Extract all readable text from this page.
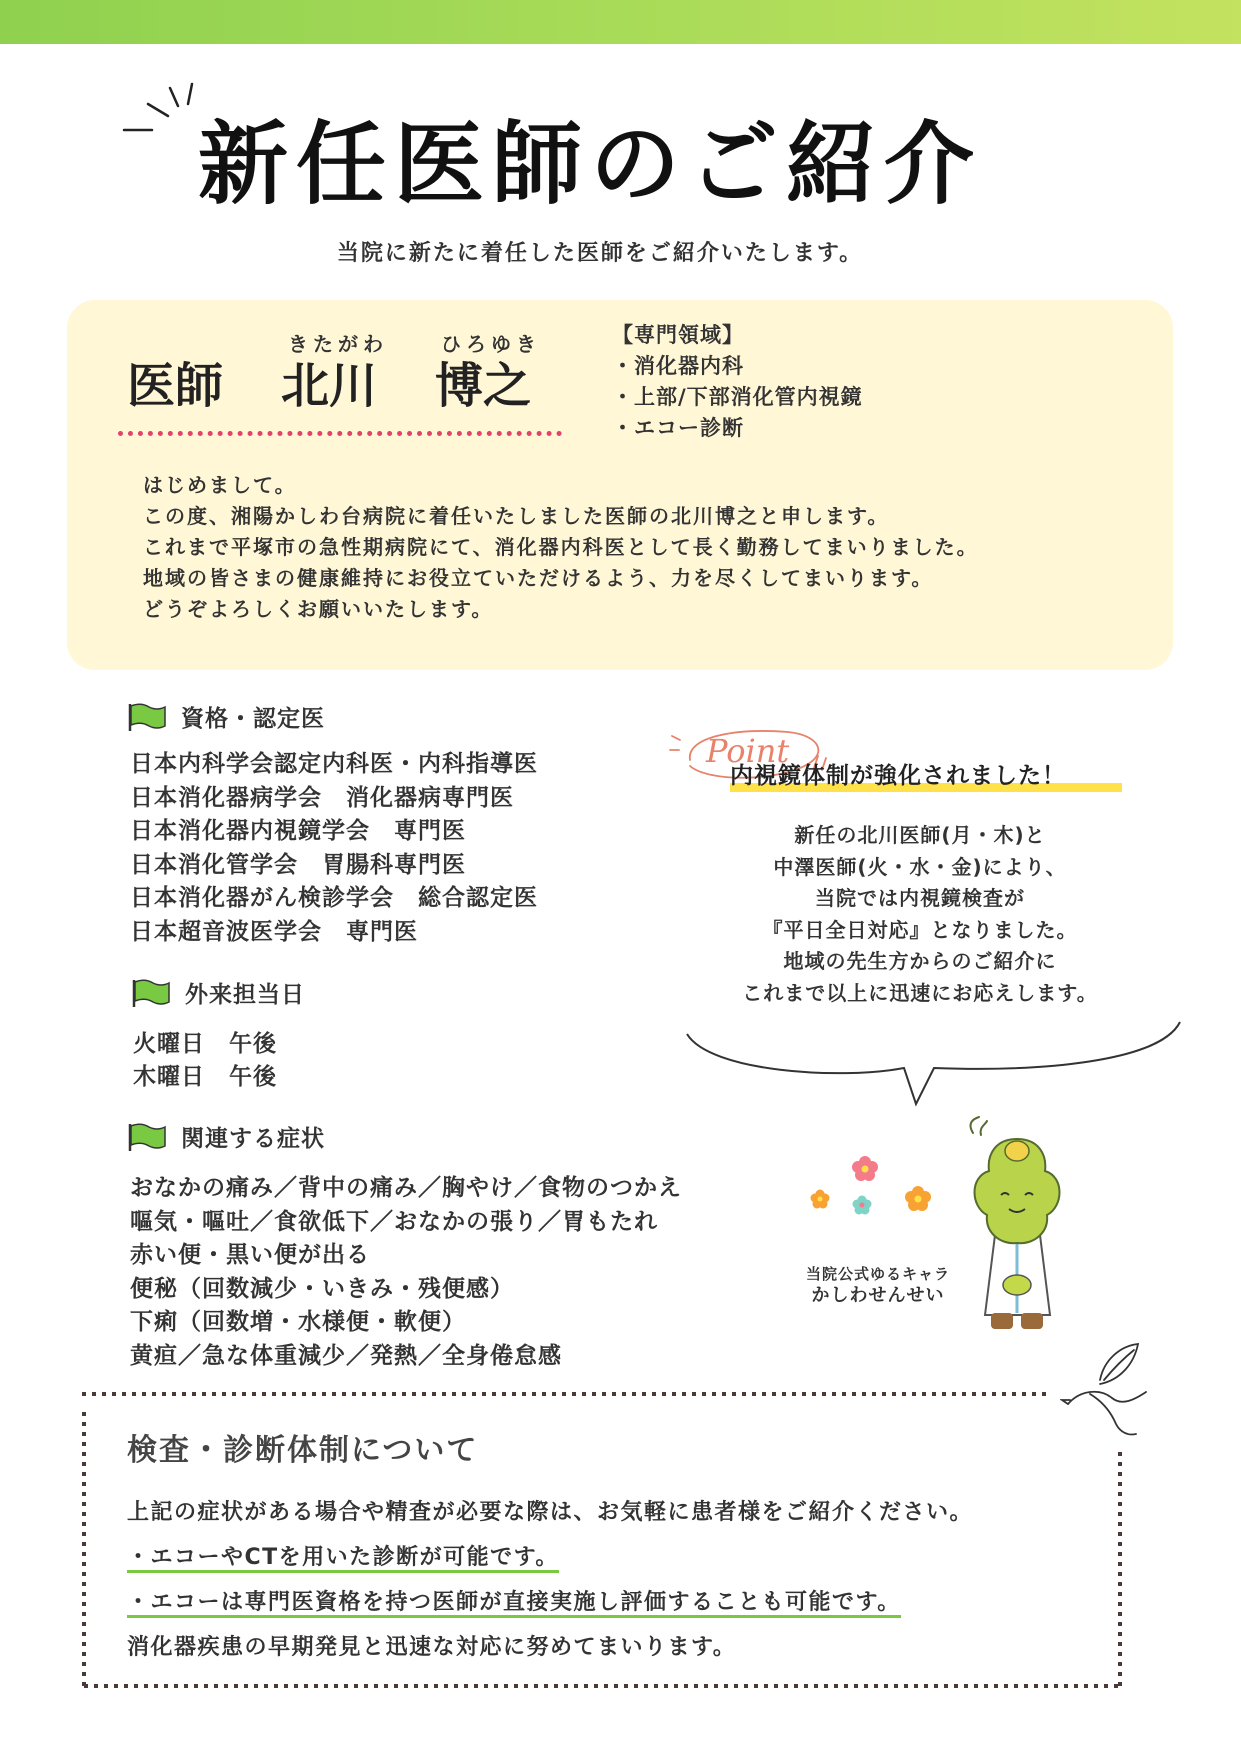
新任医師のご紹介
当院に新たに着任した医師をご紹介いたします。
きたがわ	ひろゆき
医師 北川 博之
【専門領域】
・消化器内科
・上部/下部消化管内視鏡
・エコー診断
はじめまして。
この度、湘陽かしわ台病院に着任いたしました医師の北川博之と申します。
これまで平塚市の急性期病院にて、消化器内科医として長く勤務してまいりました。
地域の皆さまの健康維持にお役立ていただけるよう、力を尽くしてまいります。
どうぞよろしくお願いいたします。
資格・認定医
日本内科学会認定内科医・内科指導医
日本消化器病学会　消化器病専門医
日本消化器内視鏡学会　専門医
日本消化管学会　胃腸科専門医
日本消化器がん検診学会　総合認定医
日本超音波医学会　専門医
外来担当日
火曜日　午後
木曜日　午後
関連する症状
おなかの痛み／背中の痛み／胸やけ／食物のつかえ
嘔気・嘔吐／食欲低下／おなかの張り／胃もたれ
赤い便・黒い便が出る
便秘（回数減少・いきみ・残便感）
下痢（回数増・水様便・軟便）
黄疸／急な体重減少／発熱／全身倦怠感
Point
内視鏡体制が強化されました！
新任の北川医師(月・木)と
中澤医師(火・水・金)により、
当院では内視鏡検査が
『平日全日対応』となりました。
地域の先生方からのご紹介に
これまで以上に迅速にお応えします。
当院公式ゆるキャラ
かしわせんせい
検査・診断体制について
上記の症状がある場合や精査が必要な際は、お気軽に患者様をご紹介ください。
・エコーやCTを用いた診断が可能です。
・エコーは専門医資格を持つ医師が直接実施し評価することも可能です。
消化器疾患の早期発見と迅速な対応に努めてまいります。
